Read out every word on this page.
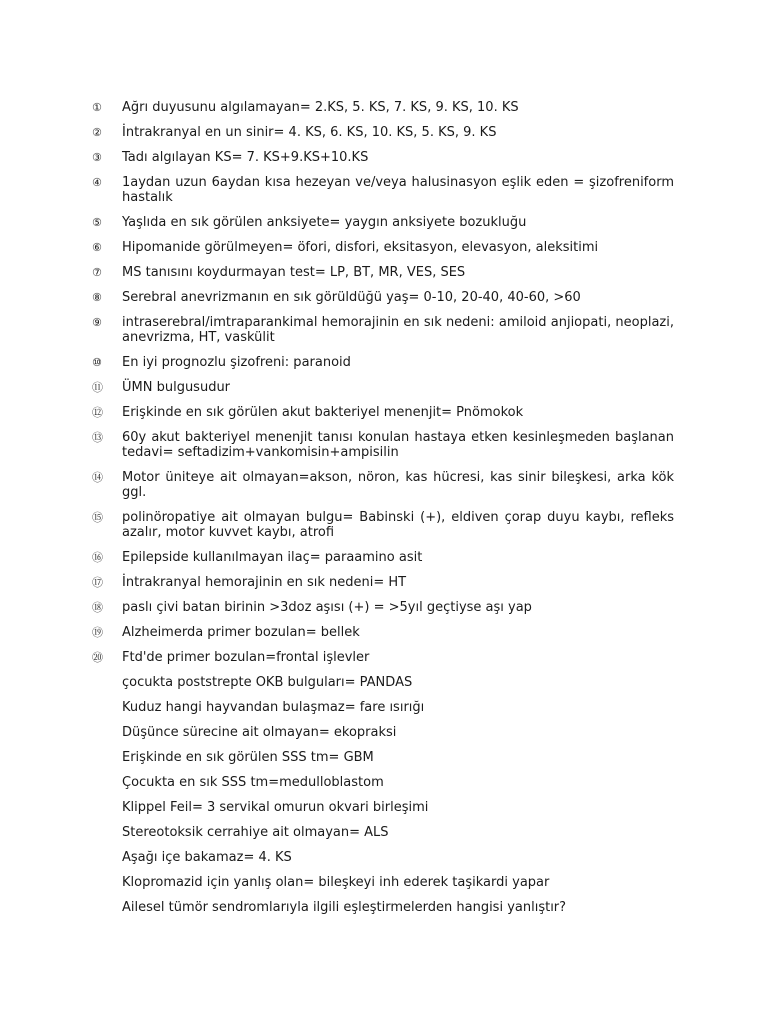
①	Ağrı duyusunu algılamayan= 2.KS, 5. KS, 7. KS, 9. KS, 10. KS
②	İntrakranyal en un sinir= 4. KS, 6. KS, 10. KS, 5. KS, 9. KS
③	Tadı algılayan KS= 7. KS+9.KS+10.KS
④	1aydan uzun 6aydan kısa hezeyan ve/veya halusinasyon eşlik eden = şizofreniform hastalık
⑤	Yaşlıda en sık görülen anksiyete= yaygın anksiyete bozukluğu
⑥	Hipomanide görülmeyen= öfori, disfori, eksitasyon, elevasyon, aleksitimi
⑦	MS tanısını koydurmayan test= LP, BT, MR, VES, SES
⑧	Serebral anevrizmanın en sık görüldüğü yaş= 0-10, 20-40, 40-60, >60
⑨	intraserebral/imtraparankimal hemorajinin en sık nedeni: amiloid anjiopati, neoplazi, anevrizma, HT, vaskülit
⑩	En iyi prognozlu şizofreni: paranoid
⑪	ÜMN bulgusudur
⑫	Erişkinde en sık görülen akut bakteriyel menenjit= Pnömokok
⑬	60y akut bakteriyel menenjit tanısı konulan hastaya etken kesinleşmeden başlanan tedavi= seftadizim+vankomisin+ampisilin
⑭	Motor üniteye ait olmayan=akson, nöron, kas hücresi, kas sinir bileşkesi, arka kök ggl.
⑮	polinöropatiye ait olmayan bulgu= Babinski (+), eldiven çorap duyu kaybı, refleks azalır, motor kuvvet kaybı, atrofi
⑯	Epilepside kullanılmayan ilaç= paraamino asit
⑰	İntrakranyal hemorajinin en sık nedeni= HT
⑱	paslı çivi batan birinin >3doz aşısı (+) = >5yıl geçtiyse aşı yap
⑲	Alzheimerda primer bozulan= bellek
⑳	Ftd'de primer bozulan=frontal işlevler
çocukta poststrepte OKB bulguları= PANDAS
Kuduz hangi hayvandan bulaşmaz= fare ısırığı
Düşünce sürecine ait olmayan= ekopraksi
Erişkinde en sık görülen SSS tm= GBM
Çocukta en sık SSS tm=medulloblastom
Klippel Feil= 3 servikal omurun okvari birleşimi
Stereotoksik cerrahiye ait olmayan= ALS
Aşağı içe bakamaz= 4. KS
Klopromazid için yanlış olan= bileşkeyi inh ederek taşikardi yapar
Ailesel tümör sendromlarıyla ilgili eşleştirmelerden hangisi yanlıştır?
